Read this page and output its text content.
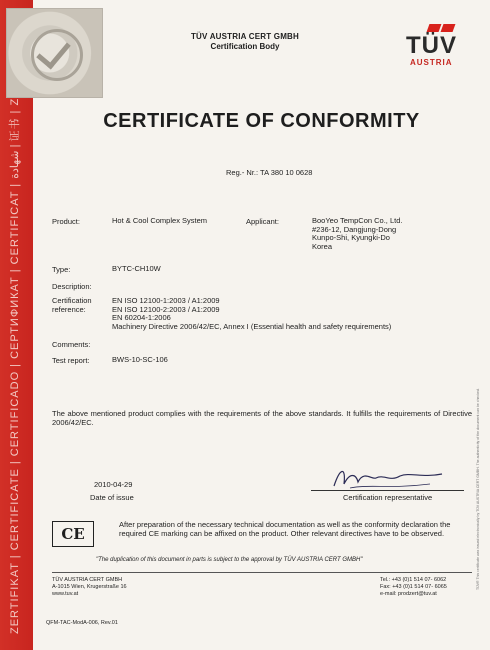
ZERTIFIKAT | CERTIFICATE | CERTIFICADO | СЕРТИФИКАТ | CERTIFICAT | شهادة | 证书 |
TÜV AUSTRIA CERT GMBH
Certification Body	TÜV
AUSTRIA
CERTIFICATE OF CONFORMITY
Reg.- Nr.: TA 380 10 0628
Product:	Hot & Cool Complex System	Applicant:	BooYeo TempCon Co., Ltd.
#236-12, Dangjung-Dong
Kunpo-Shi, Kyungki-Do
Korea
Type:	BYTC-CH10W
Description:
Certification
reference:
EN ISO 12100-1:2003 / A1:2009
EN ISO 12100-2:2003 / A1:2009
EN 60204-1:2006
Machinery Directive 2006/42/EC, Annex I (Essential health and safety requirements)
Comments:
Test report:	BWS-10-SC-106
The above mentioned product complies with the requirements of the above standards. It fulfills the requirements of Directive 2006/42/EC.
2010-04-29
Date of issue	Certification representative
CE
After preparation of the necessary technical documentation as well as the conformity declaration the required CE marking can be affixed on the product. Other relevant directives have to be observed.
"The duplication of this document in parts is subject to the approval by TÜV AUSTRIA CERT GMBH"
TÜV AUSTRIA CERT GMBH
A-1015 Wien, Krugerstraße 16
www.tuv.at
Tel.: +43 (0)1 514 07- 6062
Fax: +43 (0)1 514 07- 6065
e-mail: prodzert@tuv.at
QFM-TAC-ModA-006, Rev.01
TÜV® This certificate was issued electronically by TÜV AUSTRIA CERT GMBH. The authenticity of the document can be checked.
